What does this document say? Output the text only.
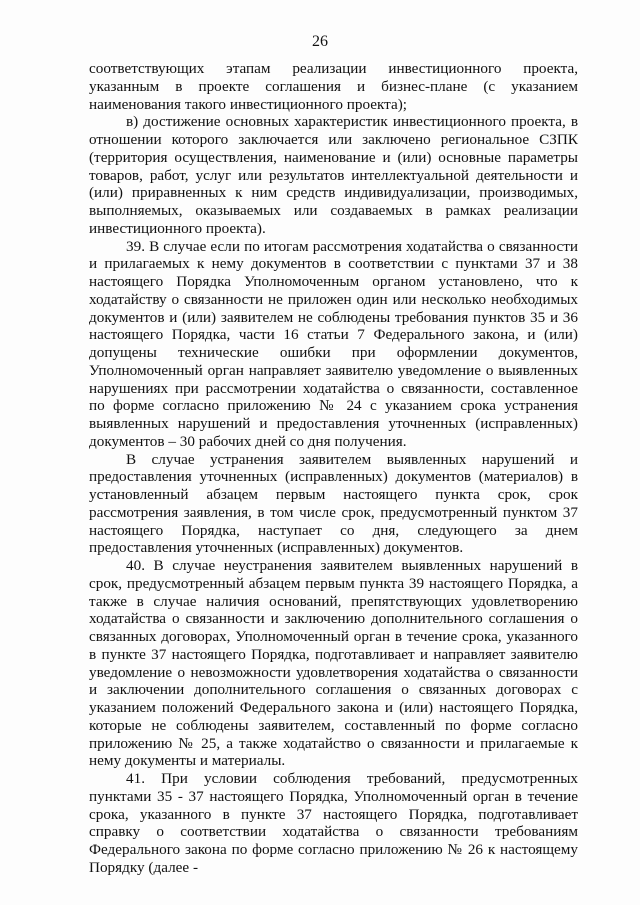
26

соответствующих этапам реализации инвестиционного проекта, указанным в проекте соглашения и бизнес-плане (с указанием наименования такого инвестиционного проекта);

в) достижение основных характеристик инвестиционного проекта, в отношении которого заключается или заключено региональное СЗПК (территория осуществления, наименование и (или) основные параметры товаров, работ, услуг или результатов интеллектуальной деятельности и (или) приравненных к ним средств индивидуализации, производимых, выполняемых, оказываемых или создаваемых в рамках реализации инвестиционного проекта).

39. В случае если по итогам рассмотрения ходатайства о связанности и прилагаемых к нему документов в соответствии с пунктами 37 и 38 настоящего Порядка Уполномоченным органом установлено, что к ходатайству о связанности не приложен один или несколько необходимых документов и (или) заявителем не соблюдены требования пунктов 35 и 36 настоящего Порядка, части 16 статьи 7 Федерального закона, и (или) допущены технические ошибки при оформлении документов, Уполномоченный орган направляет заявителю уведомление о выявленных нарушениях при рассмотрении ходатайства о связанности, составленное по форме согласно приложению № 24 с указанием срока устранения выявленных нарушений и предоставления уточненных (исправленных) документов – 30 рабочих дней со дня получения.

В случае устранения заявителем выявленных нарушений и предоставления уточненных (исправленных) документов (материалов) в установленный абзацем первым настоящего пункта срок, срок рассмотрения заявления, в том числе срок, предусмотренный пунктом 37 настоящего Порядка, наступает со дня, следующего за днем предоставления уточненных (исправленных) документов.

40. В случае неустранения заявителем выявленных нарушений в срок, предусмотренный абзацем первым пункта 39 настоящего Порядка, а также в случае наличия оснований, препятствующих удовлетворению ходатайства о связанности и заключению дополнительного соглашения о связанных договорах, Уполномоченный орган в течение срока, указанного в пункте 37 настоящего Порядка, подготавливает и направляет заявителю уведомление о невозможности удовлетворения ходатайства о связанности и заключении дополнительного соглашения о связанных договорах с указанием положений Федерального закона и (или) настоящего Порядка, которые не соблюдены заявителем, составленный по форме согласно приложению № 25, а также ходатайство о связанности и прилагаемые к нему документы и материалы.

41. При условии соблюдения требований, предусмотренных пунктами 35 - 37 настоящего Порядка, Уполномоченный орган в течение срока, указанного в пункте 37 настоящего Порядка, подготавливает справку о соответствии ходатайства о связанности требованиям Федерального закона по форме согласно приложению № 26 к настоящему Порядку (далее -
